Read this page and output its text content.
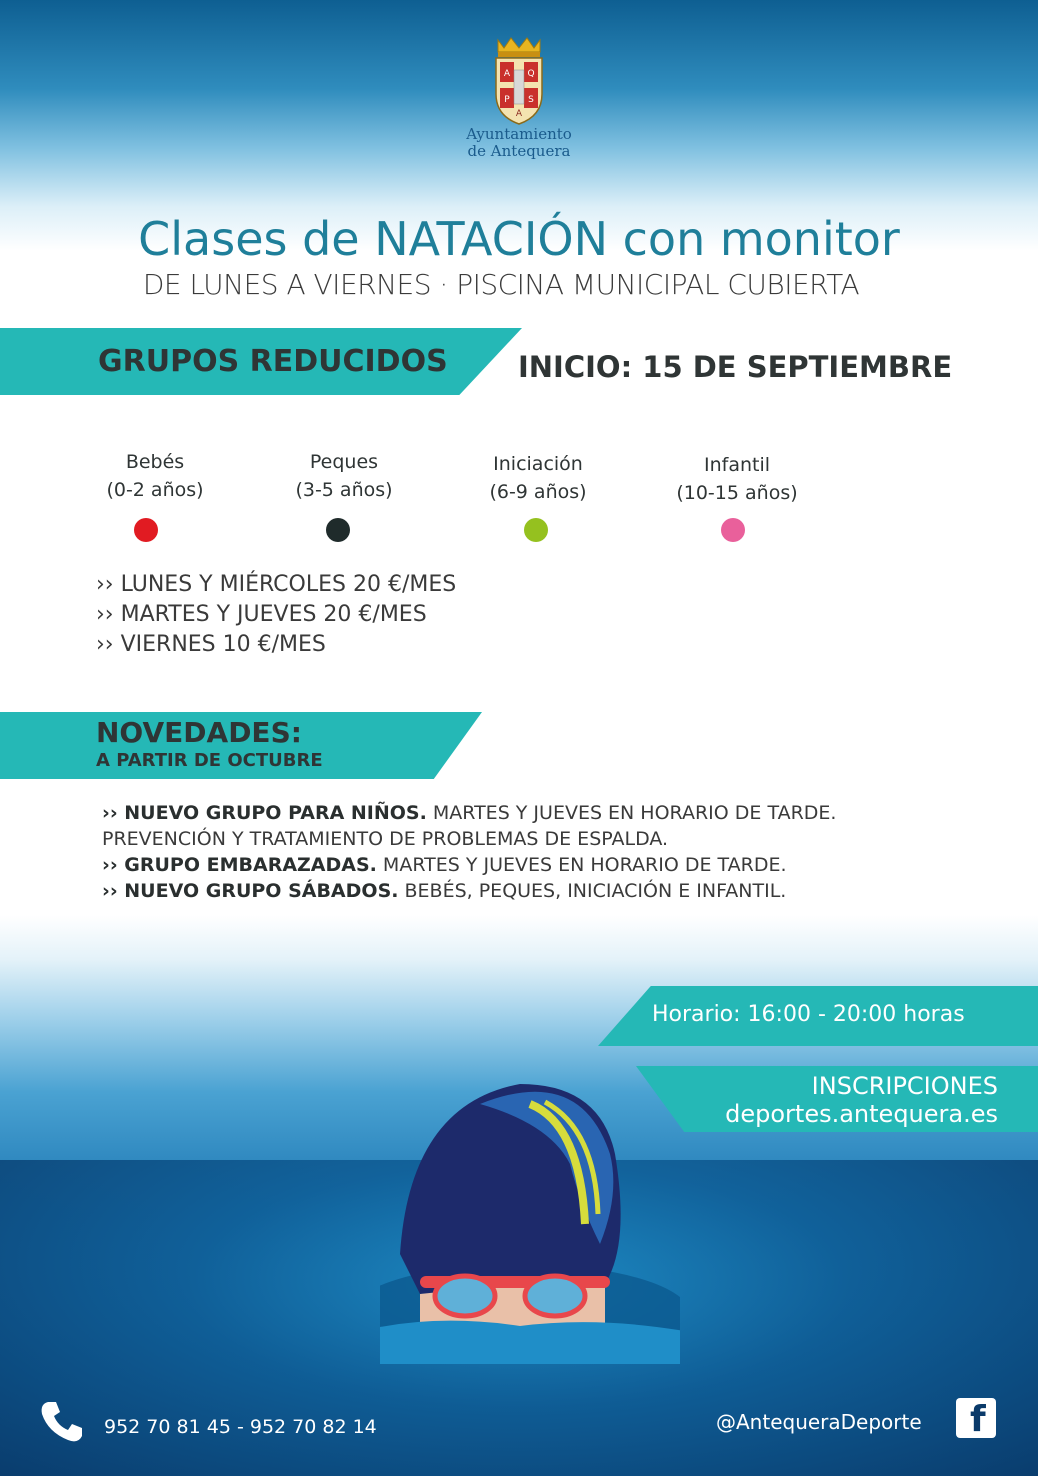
A Q
P S
A
Ayuntamiento
de Antequera
Clases de NATACIÓN con monitor
DE LUNES A VIERNES · PISCINA MUNICIPAL CUBIERTA
GRUPOS REDUCIDOS INICIO: 15 DE SEPTIEMBRE
Bebés
(0-2 años)
Peques
(3-5 años)
Iniciación
(6-9 años)
Infantil
(10-15 años)
›› LUNES Y MIÉRCOLES 20 €/MES
›› MARTES Y JUEVES 20 €/MES
›› VIERNES 10 €/MES
NOVEDADES:
A PARTIR DE OCTUBRE
›› NUEVO GRUPO PARA NIÑOS. MARTES Y JUEVES EN HORARIO DE TARDE.
PREVENCIÓN Y TRATAMIENTO DE PROBLEMAS DE ESPALDA.
›› GRUPO EMBARAZADAS. MARTES Y JUEVES EN HORARIO DE TARDE.
›› NUEVO GRUPO SÁBADOS. BEBÉS, PEQUES, INICIACIÓN E INFANTIL.
Horario: 16:00 - 20:00 horas
INSCRIPCIONES
deportes.antequera.es
952 70 81 45 - 952 70 82 14	@AntequeraDeporte f
